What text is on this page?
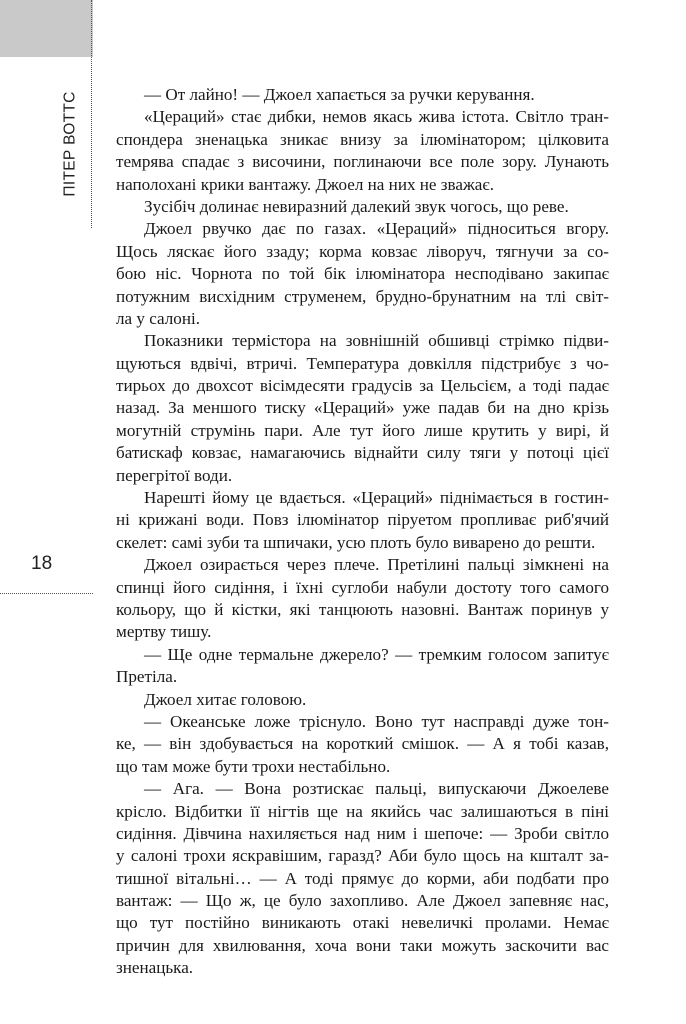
ПІТЕР ВОТТС
18
— От лайно! — Джоел хапається за ручки керування.
«Цераций» стає дибки, немов якась жива істота. Світло тран-
спондера зненацька зникає внизу за ілюмінатором; цілковита
темрява спадає з височини, поглинаючи все поле зору. Лунають
наполохані крики вантажу. Джоел на них не зважає.
Зусібіч долинає невиразний далекий звук чогось, що реве.
Джоел рвучко дає по газах. «Цераций» підноситься вгору.
Щось ляскає його ззаду; корма ковзає ліворуч, тягнучи за со-
бою ніс. Чорнота по той бік ілюмінатора несподівано закипає
потужним висхідним струменем, брудно-брунатним на тлі світ-
ла у салоні.
Показники термістора на зовнішній обшивці стрімко підви-
щуються вдвічі, втричі. Температура довкілля підстрибує з чо-
тирьох до двохсот вісімдесяти градусів за Цельсієм, а тоді падає
назад. За меншого тиску «Цераций» уже падав би на дно крізь
могутній струмінь пари. Але тут його лише крутить у вирі, й
батискаф ковзає, намагаючись віднайти силу тяги у потоці цієї
перегрітої води.
Нарешті йому це вдається. «Цераций» піднімається в гостин-
ні крижані води. Повз ілюмінатор піруетом пропливає риб'ячий
скелет: самі зуби та шпичаки, усю плоть було виварено до решти.
Джоел озирається через плече. Претілині пальці зімкнені на
спинці його сидіння, і їхні суглоби набули достоту того самого
кольору, що й кістки, які танцюють назовні. Вантаж поринув у
мертву тишу.
— Ще одне термальне джерело? — тремким голосом запитує
Претіла.
Джоел хитає головою.
— Океанське ложе тріснуло. Воно тут насправді дуже тон-
ке, — він здобувається на короткий смішок. — А я тобі казав,
що там може бути трохи нестабільно.
— Ага. — Вона розтискає пальці, випускаючи Джоелеве
крісло. Відбитки її нігтів ще на якийсь час залишаються в піні
сидіння. Дівчина нахиляється над ним і шепоче: — Зроби світло
у салоні трохи яскравішим, гаразд? Аби було щось на кшталт за-
тишної вітальні… — А тоді прямує до корми, аби подбати про
вантаж: — Що ж, це було захопливо. Але Джоел запевняє нас,
що тут постійно виникають отакі невеличкі пролами. Немає
причин для хвилювання, хоча вони таки можуть заскочити вас
зненацька.
